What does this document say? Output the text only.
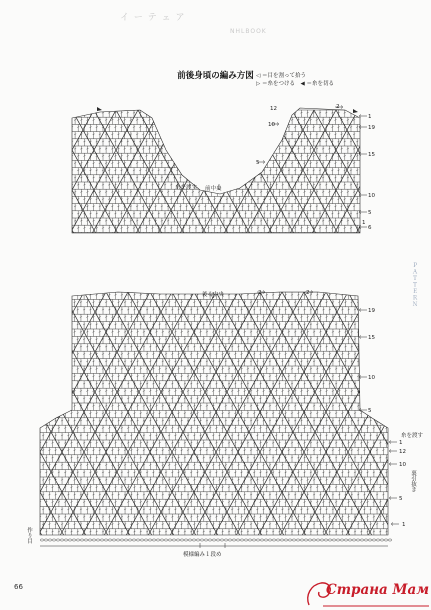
イ ー テ ェ ア
NHLBOOK
前後身頃の編み方図 ◁ ＝目を割って拾う
▷ ＝糸をつける　◀ ＝糸を切る
糸を渡す 前中央
12	2
1
10	19
15
5
10
5
1
6
後ろ中央	2	2
19
15
10
5
1
12
10
5
1
糸を渡す
裏引抜き
作り目
模様編み１段め
ＰＡＴＴＥＲＮ
66	Страна Мам
